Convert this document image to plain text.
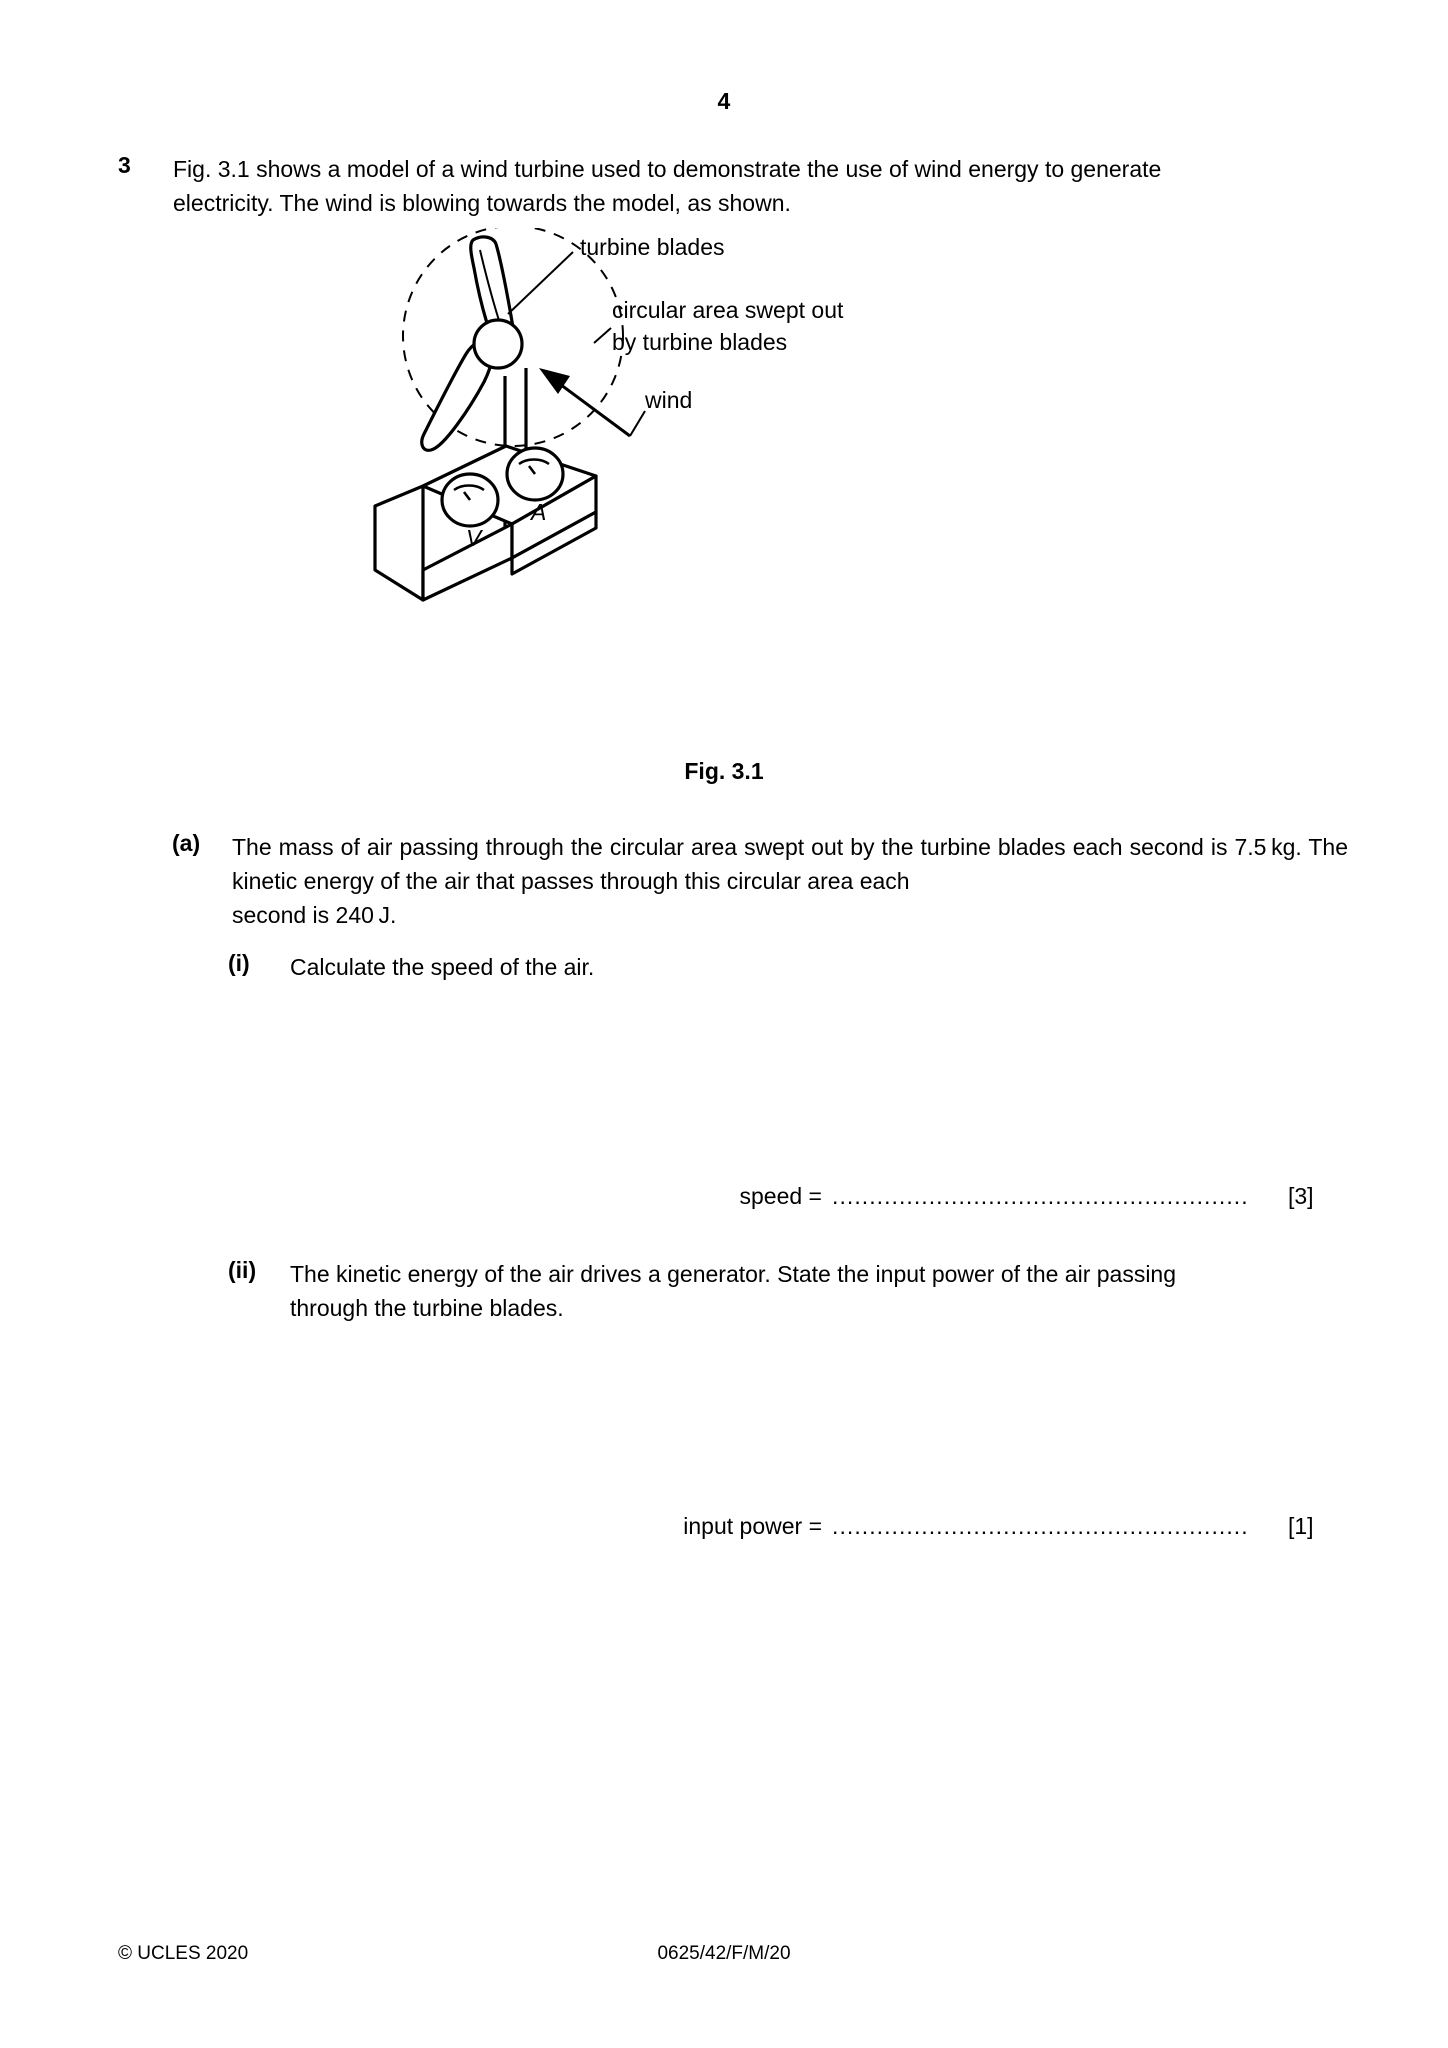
4
3	Fig. 3.1 shows a model of a wind turbine used to demonstrate the use of wind energy to generate
electricity. The wind is blowing towards the model, as shown.
V
A
turbine blades
circular area swept out
by turbine blades
wind
Fig. 3.1
(a)	The mass of air passing through the circular area swept out by the turbine blades each second is 7.5 kg. The kinetic energy of the air that passes through this circular area each
second is 240 J.
(i)	Calculate the speed of the air.
speed = ........................................................	[3]
(ii)	The kinetic energy of the air drives a generator. State the input power of the air passing
through the turbine blades.
input power = ........................................................	[1]
© UCLES 2020	0625/42/F/M/20
